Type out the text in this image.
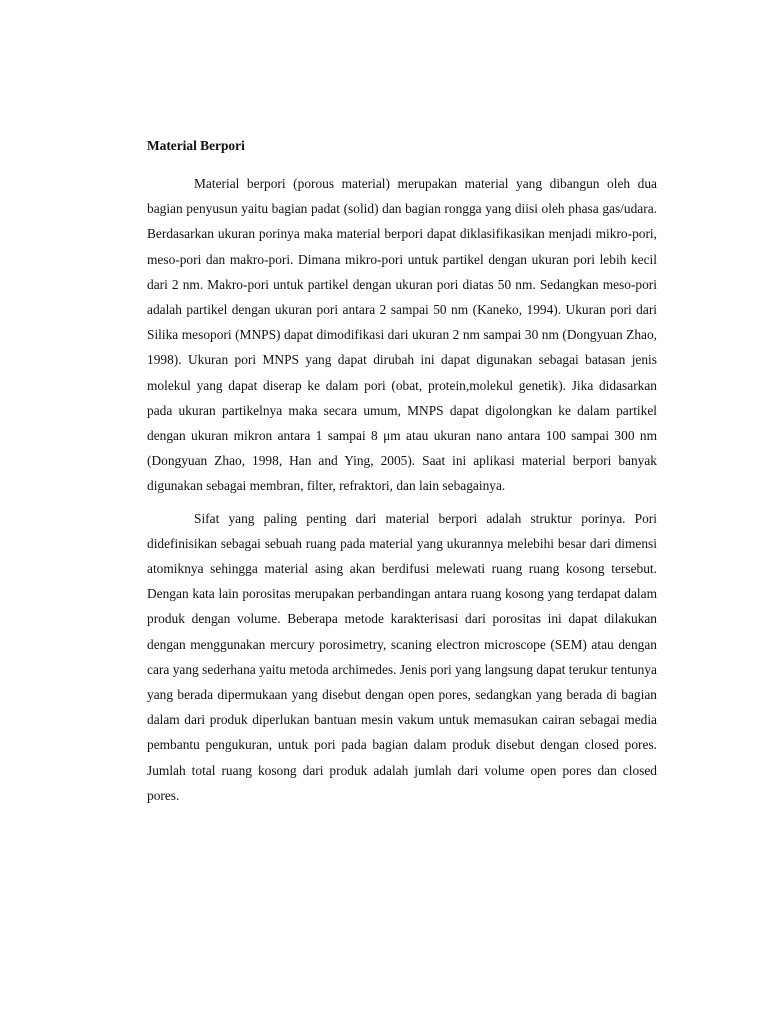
Material Berpori

Material berpori (porous material) merupakan material yang dibangun oleh dua bagian penyusun yaitu bagian padat (solid) dan bagian rongga yang diisi oleh phasa gas/udara. Berdasarkan ukuran porinya maka material berpori dapat diklasifikasikan menjadi mikro-pori, meso-pori dan makro-pori. Dimana mikro-pori untuk partikel dengan ukuran pori lebih kecil dari 2 nm. Makro-pori untuk partikel dengan ukuran pori diatas 50 nm. Sedangkan meso-pori adalah partikel dengan ukuran pori antara 2 sampai 50 nm (Kaneko, 1994). Ukuran pori dari Silika mesopori (MNPS) dapat dimodifikasi dari ukuran 2 nm sampai 30 nm (Dongyuan Zhao, 1998). Ukuran pori MNPS yang dapat dirubah ini dapat digunakan sebagai batasan jenis molekul yang dapat diserap ke dalam pori (obat, protein,molekul genetik). Jika didasarkan pada ukuran partikelnya maka secara umum, MNPS dapat digolongkan ke dalam partikel dengan ukuran mikron antara 1 sampai 8 μm atau ukuran nano antara 100 sampai 300 nm (Dongyuan Zhao, 1998, Han and Ying, 2005). Saat ini aplikasi material berpori banyak digunakan sebagai membran, filter, refraktori, dan lain sebagainya.

Sifat yang paling penting dari material berpori adalah struktur porinya. Pori didefinisikan sebagai sebuah ruang pada material yang ukurannya melebihi besar dari dimensi atomiknya sehingga material asing akan berdifusi melewati ruang ruang kosong tersebut. Dengan kata lain porositas merupakan perbandingan antara ruang kosong yang terdapat dalam produk dengan volume. Beberapa metode karakterisasi dari porositas ini dapat dilakukan dengan menggunakan mercury porosimetry, scaning electron microscope (SEM) atau dengan cara yang sederhana yaitu metoda archimedes. Jenis pori yang langsung dapat terukur tentunya yang berada dipermukaan yang disebut dengan open pores, sedangkan yang berada di bagian dalam dari produk diperlukan bantuan mesin vakum untuk memasukan cairan sebagai media pembantu pengukuran, untuk pori pada bagian dalam produk disebut dengan closed pores. Jumlah total ruang kosong dari produk adalah jumlah dari volume open pores dan closed pores.
